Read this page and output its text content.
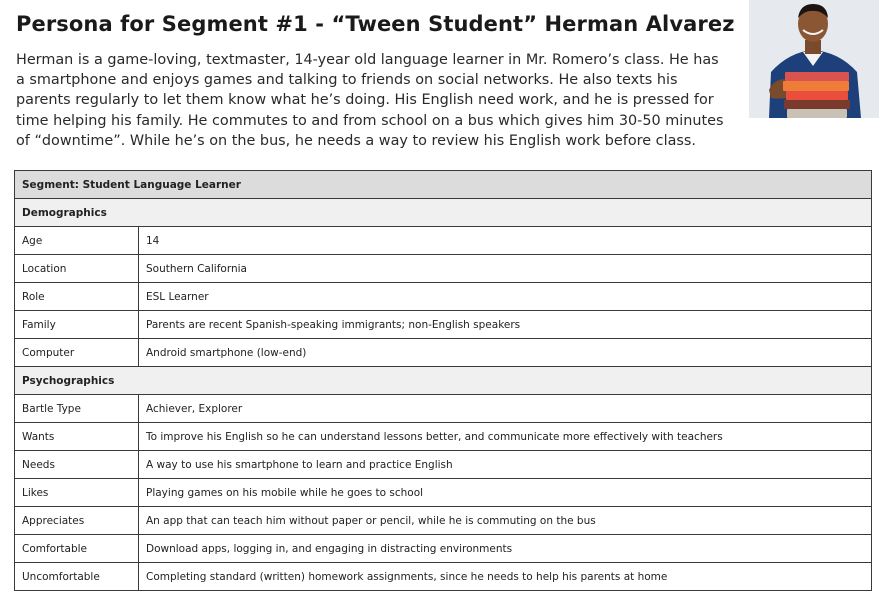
Persona for Segment #1 - “Tween Student” Herman Alvarez
Herman is a game-loving, textmaster, 14-year old language learner in Mr. Romero’s class. He has a smartphone and enjoys games and talking to friends on social networks. He also texts his parents regularly to let them know what he’s doing. His English need work, and he is pressed for time helping his family. He commutes to and from school on a bus which gives him 30-50 minutes of “downtime”. While he’s on the bus, he needs a way to review his English work before class.
Segment: Student Language Learner	
Demographics	
Age	14
Location	Southern California
Role	ESL Learner
Family	Parents are recent Spanish-speaking immigrants; non-English speakers
Computer	Android smartphone (low-end)
Psychographics	
Bartle Type	Achiever, Explorer
Wants	To improve his English so he can understand lessons better, and communicate more effectively with teachers
Needs	A way to use his smartphone to learn and practice English
Likes	Playing games on his mobile while he goes to school
Appreciates	An app that can teach him without paper or pencil, while he is commuting on the bus
Comfortable	Download apps, logging in, and engaging in distracting environments
Uncomfortable	Completing standard (written) homework assignments, since he needs to help his parents at home
